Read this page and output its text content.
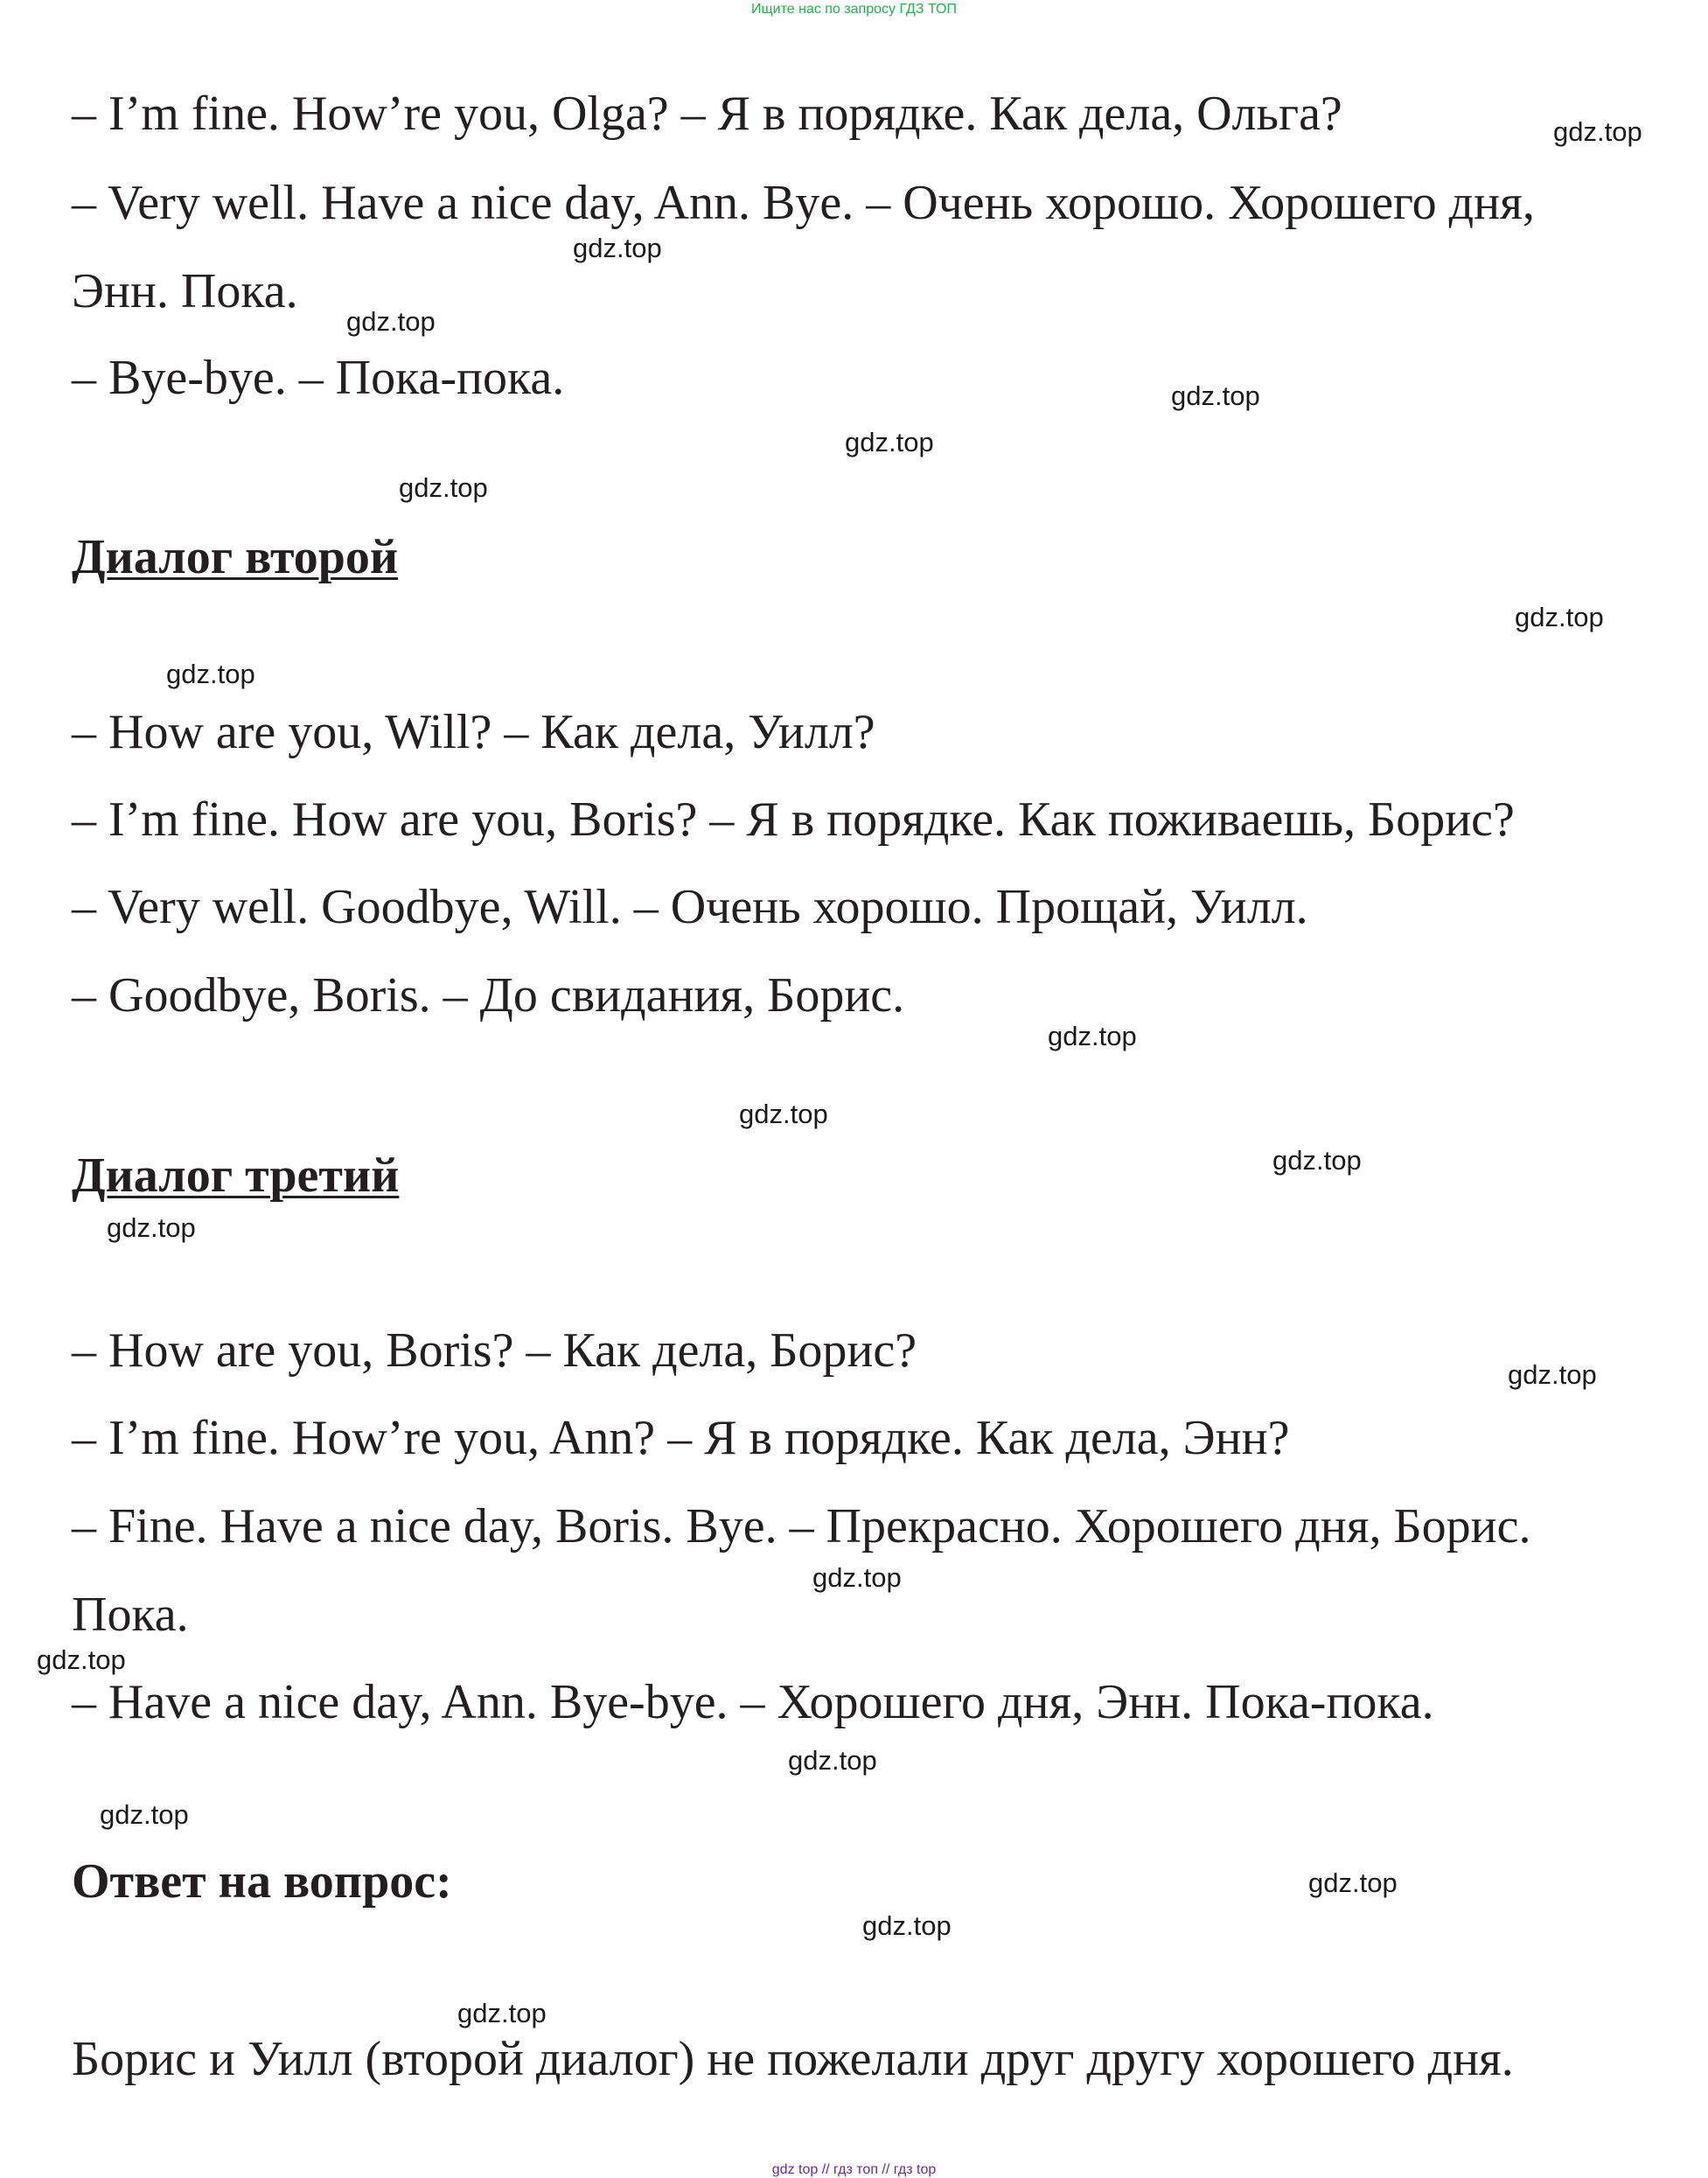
Ищите нас по запросу ГДЗ ТОП
– I’m fine. How’re you, Olga? – Я в порядке. Как дела, Ольга?
– Very well. Have a nice day, Ann. Bye. – Очень хорошо. Хорошего дня,
Энн. Пока.
– Bye-bye. – Пока-пока.
Диалог второй
– How are you, Will? – Как дела, Уилл?
– I’m fine. How are you, Boris? – Я в порядке. Как поживаешь, Борис?
– Very well. Goodbye, Will. – Очень хорошо. Прощай, Уилл.
– Goodbye, Boris. – До свидания, Борис.
Диалог третий
– How are you, Boris? – Как дела, Борис?
– I’m fine. How’re you, Ann? – Я в порядке. Как дела, Энн?
– Fine. Have a nice day, Boris. Bye. – Прекрасно. Хорошего дня, Борис.
Пока.
– Have a nice day, Ann. Bye-bye. – Хорошего дня, Энн. Пока-пока.
Ответ на вопрос:
Борис и Уилл (второй диалог) не пожелали друг другу хорошего дня.
gdz.top
gdz.top
gdz.top
gdz.top
gdz.top
gdz.top
gdz.top
gdz.top
gdz.top
gdz.top
gdz.top
gdz.top
gdz.top
gdz.top
gdz.top
gdz.top
gdz.top
gdz.top
gdz.top
gdz.top
gdz top // гдз топ // гдз top
